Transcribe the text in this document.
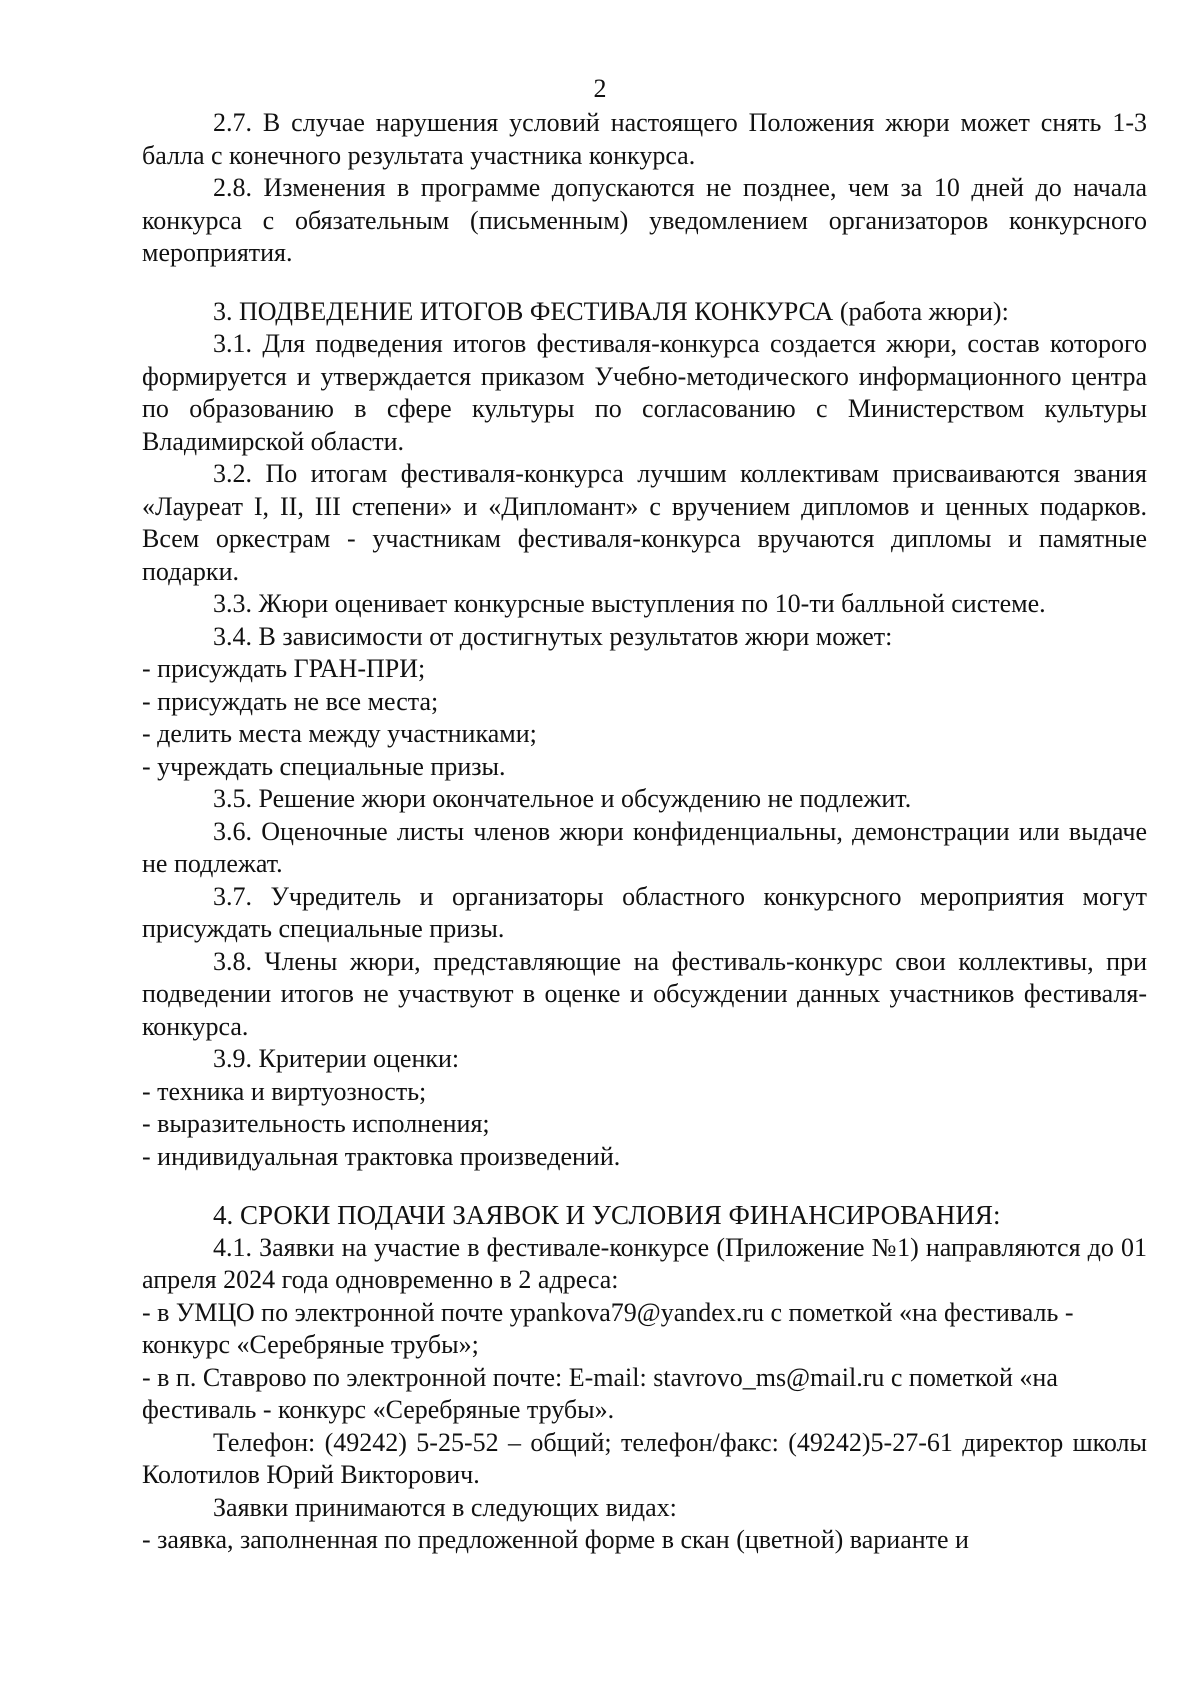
2

2.7. В случае нарушения условий настоящего Положения жюри может снять 1-3 балла с конечного результата участника конкурса.

2.8. Изменения в программе допускаются не позднее, чем за 10 дней до начала конкурса с обязательным (письменным) уведомлением организаторов конкурсного мероприятия.

3. ПОДВЕДЕНИЕ ИТОГОВ ФЕСТИВАЛЯ КОНКУРСА (работа жюри):

3.1. Для подведения итогов фестиваля-конкурса создается жюри, состав которого формируется и утверждается приказом Учебно-методического информационного центра по образованию в сфере культуры по согласованию с Министерством культуры Владимирской области.

3.2. По итогам фестиваля-конкурса лучшим коллективам присваиваются звания «Лауреат I, II, III степени» и «Дипломант» с вручением дипломов и ценных подарков. Всем оркестрам - участникам фестиваля-конкурса вручаются дипломы и памятные подарки.

3.3. Жюри оценивает конкурсные выступления по 10-ти балльной системе.

3.4. В зависимости от достигнутых результатов жюри может:

- присуждать ГРАН-ПРИ;

- присуждать не все места;

- делить места между участниками;

- учреждать специальные призы.

3.5. Решение жюри окончательное и обсуждению не подлежит.

3.6. Оценочные листы членов жюри конфиденциальны, демонстрации или выдаче не подлежат.

3.7. Учредитель и организаторы областного конкурсного мероприятия могут присуждать специальные призы.

3.8. Члены жюри, представляющие на фестиваль-конкурс свои коллективы, при подведении итогов не участвуют в оценке и обсуждении данных участников фестиваля-конкурса.

3.9. Критерии оценки:

- техника и виртуозность;

- выразительность исполнения;

- индивидуальная трактовка произведений.

4. СРОКИ ПОДАЧИ ЗАЯВОК И УСЛОВИЯ ФИНАНСИРОВАНИЯ:

4.1. Заявки на участие в фестивале-конкурсе (Приложение №1) направляются до 01 апреля 2024 года одновременно в 2 адреса:

- в УМЦО по электронной почте ypankova79@yandex.ru с пометкой «на фестиваль - конкурс «Серебряные трубы»;

- в п. Ставрово по электронной почте: E-mail: stavrovo_ms@mail.ru с пометкой «на фестиваль - конкурс «Серебряные трубы».

Телефон: (49242) 5-25-52 – общий; телефон/факс: (49242)5-27-61 директор школы Колотилов Юрий Викторович.

Заявки принимаются в следующих видах:

- заявка, заполненная по предложенной форме в скан (цветной) варианте и
